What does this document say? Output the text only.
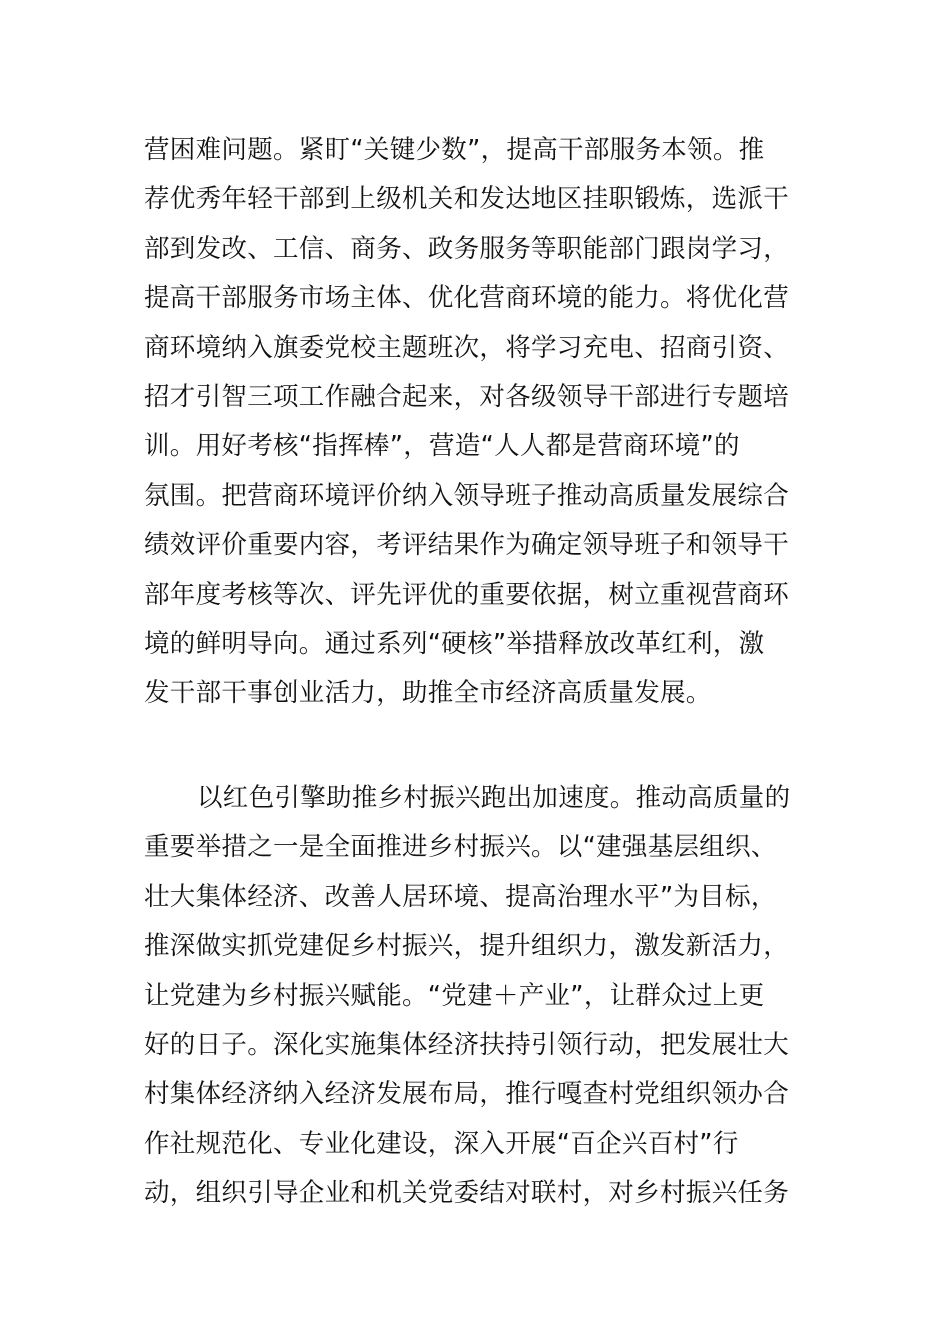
营困难问题。紧盯“关键少数”，提高干部服务本领。推
荐优秀年轻干部到上级机关和发达地区挂职锻炼，选派干
部到发改、工信、商务、政务服务等职能部门跟岗学习，
提高干部服务市场主体、优化营商环境的能力。将优化营
商环境纳入旗委党校主题班次，将学习充电、招商引资、
招才引智三项工作融合起来，对各级领导干部进行专题培
训。用好考核“指挥棒”，营造“人人都是营商环境”的
氛围。把营商环境评价纳入领导班子推动高质量发展综合
绩效评价重要内容，考评结果作为确定领导班子和领导干
部年度考核等次、评先评优的重要依据，树立重视营商环
境的鲜明导向。通过系列“硬核”举措释放改革红利，激
发干部干事创业活力，助推全市经济高质量发展。
以红色引擎助推乡村振兴跑出加速度。推动高质量的
重要举措之一是全面推进乡村振兴。以“建强基层组织、
壮大集体经济、改善人居环境、提高治理水平”为目标，
推深做实抓党建促乡村振兴，提升组织力，激发新活力，
让党建为乡村振兴赋能。“党建＋产业”，让群众过上更
好的日子。深化实施集体经济扶持引领行动，把发展壮大
村集体经济纳入经济发展布局，推行嘎查村党组织领办合
作社规范化、专业化建设，深入开展“百企兴百村”行
动，组织引导企业和机关党委结对联村，对乡村振兴任务
